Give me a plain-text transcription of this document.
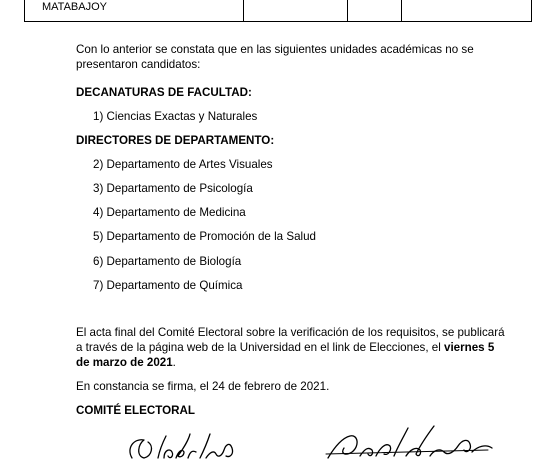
MATABAJOY
Con lo anterior se constata que en las siguientes unidades académicas no se
presentaron candidatos:
DECANATURAS DE FACULTAD:
1) Ciencias Exactas y Naturales
DIRECTORES DE DEPARTAMENTO:
2) Departamento de Artes Visuales
3) Departamento de Psicología
4) Departamento de Medicina
5) Departamento de Promoción de la Salud
6) Departamento de Biología
7) Departamento de Química
El acta final del Comité Electoral sobre la verificación de los requisitos, se publicará
a través de la página web de la Universidad en el link de Elecciones, el viernes 5
de marzo de 2021.
En constancia se firma, el 24 de febrero de 2021.
COMITÉ ELECTORAL
